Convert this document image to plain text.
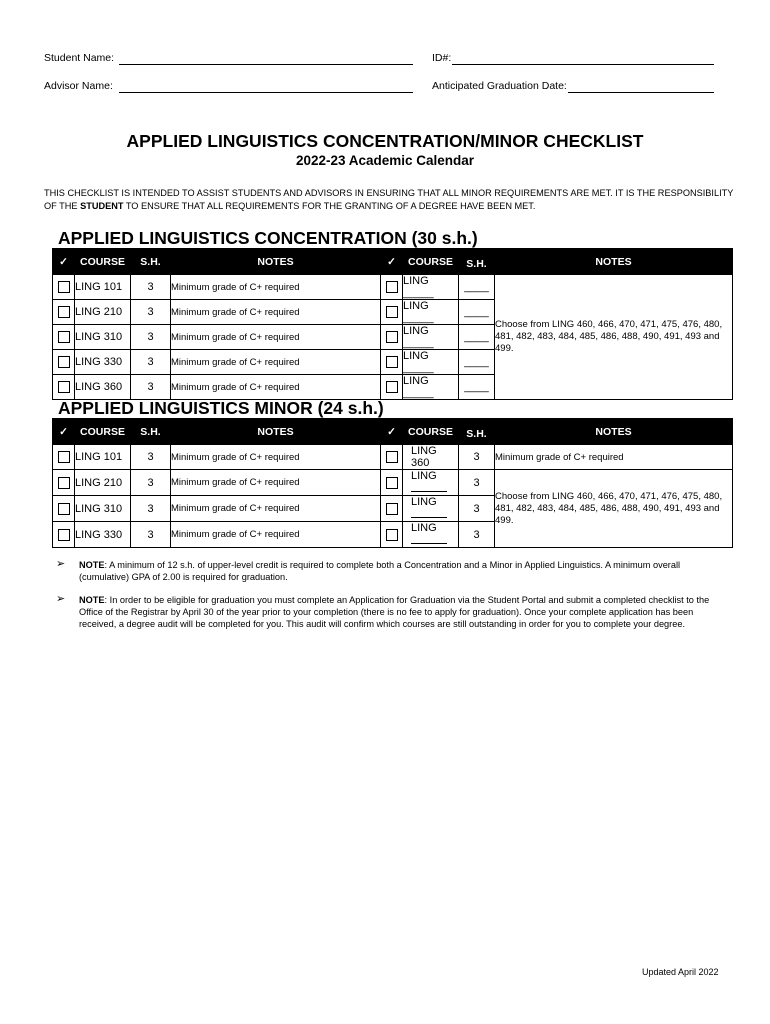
Student Name:	ID#:
Advisor Name:	Anticipated Graduation Date:
APPLIED LINGUISTICS CONCENTRATION/MINOR CHECKLIST
2022-23 Academic Calendar
THIS CHECKLIST IS INTENDED TO ASSIST STUDENTS AND ADVISORS IN ENSURING THAT ALL MINOR REQUIREMENTS ARE MET. IT IS THE RESPONSIBILITY OF THE STUDENT TO ENSURE THAT ALL REQUIREMENTS FOR THE GRANTING OF A DEGREE HAVE BEEN MET.
APPLIED LINGUISTICS CONCENTRATION (30 s.h.)
✓	COURSE	S.H.	NOTES	✓	COURSE	S.H.	NOTES
	LING 101	3	Minimum grade of C+ required		LING _____	____	Choose from LING 460, 466, 470, 471, 475, 476, 480, 481, 482, 483, 484, 485, 486, 488, 490, 491, 493 and 499.
	LING 210	3	Minimum grade of C+ required		LING _____	____	
	LING 310	3	Minimum grade of C+ required		LING _____	____	
	LING 330	3	Minimum grade of C+ required		LING _____	____	
	LING 360	3	Minimum grade of C+ required		LING _____	____	
APPLIED LINGUISTICS MINOR (24 s.h.)
✓	COURSE	S.H.	NOTES	✓	COURSE	S.H.	NOTES
	LING 101	3	Minimum grade of C+ required		LING 360	3	Minimum grade of C+ required
	LING 210	3	Minimum grade of C+ required		LING	3	Choose from LING 460, 466, 470, 471, 476, 475, 480, 481, 482, 483, 484, 485, 486, 488, 490, 491, 493 and 499.
	LING 310	3	Minimum grade of C+ required		LING	3	
	LING 330	3	Minimum grade of C+ required		LING	3	
➢ NOTE: A minimum of 12 s.h. of upper-level credit is required to complete both a Concentration and a Minor in Applied Linguistics. A minimum overall (cumulative) GPA of 2.00 is required for graduation.
➢ NOTE: In order to be eligible for graduation you must complete an Application for Graduation via the Student Portal and submit a completed checklist to the Office of the Registrar by April 30 of the year prior to your completion (there is no fee to apply for graduation). Once your complete application has been received, a degree audit will be completed for you. This audit will confirm which courses are still outstanding in order for you to complete your degree.
Updated April 2022
